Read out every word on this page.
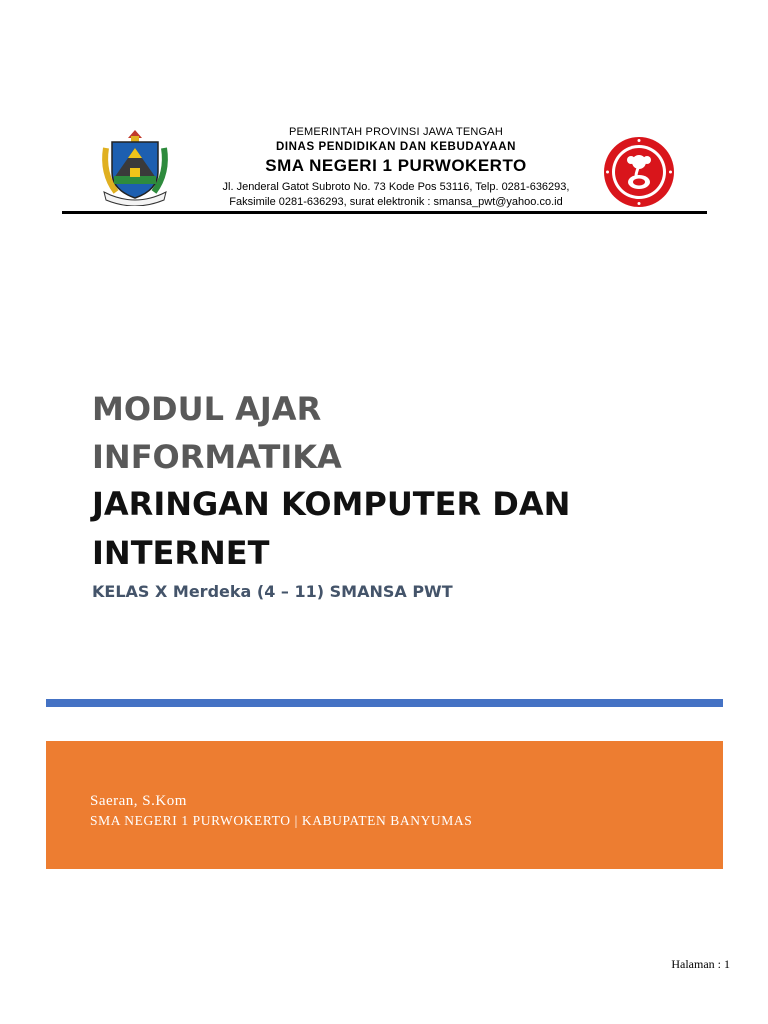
PEMERINTAH PROVINSI JAWA TENGAH
DINAS PENDIDIKAN DAN KEBUDAYAAN
SMA NEGERI 1 PURWOKERTO
Jl. Jenderal Gatot Subroto No. 73 Kode Pos 53116, Telp. 0281-636293,
Faksimile 0281-636293, surat elektronik : smansa_pwt@yahoo.co.id
MODUL AJAR
INFORMATIKA
JARINGAN KOMPUTER DAN
INTERNET
KELAS X Merdeka (4 – 11) SMANSA PWT
Saeran, S.Kom
SMA NEGERI 1 PURWOKERTO | KABUPATEN BANYUMAS
Halaman : 1
